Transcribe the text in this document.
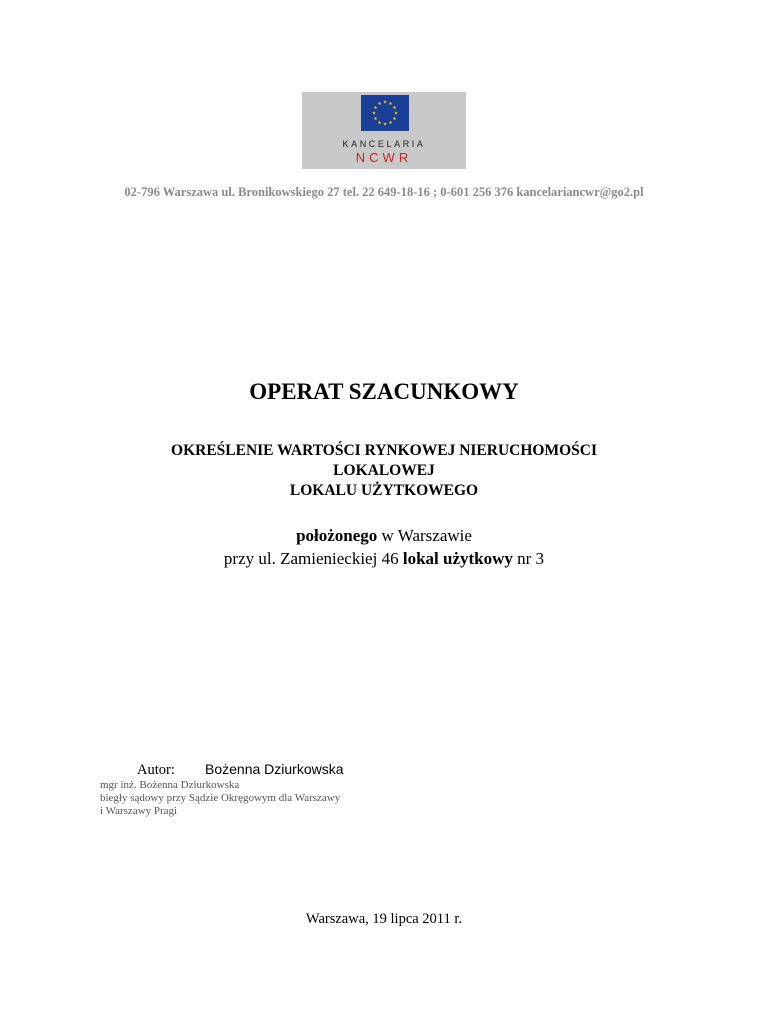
KANCELARIA
NCWR
02-796 Warszawa ul. Bronikowskiego 27 tel. 22 649-18-16 ; 0-601 256 376 kancelariancwr@go2.pl
OPERAT SZACUNKOWY
OKREŚLENIE WARTOŚCI RYNKOWEJ NIERUCHOMOŚCI
LOKALOWEJ
LOKALU UŻYTKOWEGO
położonego w Warszawie
przy ul. Zamienieckiej 46 lokal użytkowy nr 3
Autor: Bożenna Dziurkowska
mgr inż. Bożenna Dziurkowska
biegły sądowy przy Sądzie Okręgowym dla Warszawy
i Warszawy Pragi
Warszawa, 19 lipca 2011 r.
